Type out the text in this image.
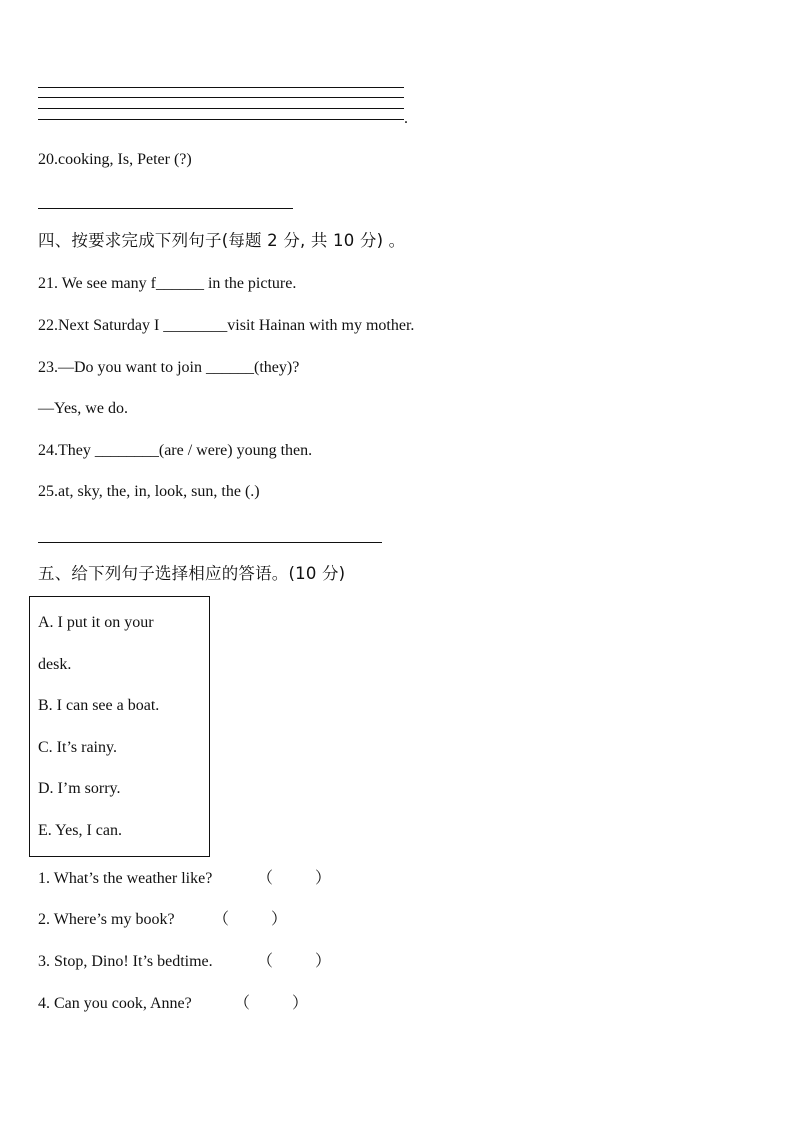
.
20.cooking, Is, Peter (?)
四、按要求完成下列句子(每题 2 分, 共 10 分) 。
21. We see many f______ in the picture.
22.Next Saturday I ________visit Hainan with my mother.
23.—Do you want to join ______(they)?
—Yes, we do.
24.They ________(are / were) young then.
25.at, sky, the, in, look, sun, the (.)
五、给下列句子选择相应的答语。(10 分)
A. I put it on your
desk.
B. I can see a boat.
C. It’s rainy.
D. I’m sorry.
E. Yes, I can.
1. What’s the weather like?	（	）
2. Where’s my book? （	）
3. Stop, Dino! It’s bedtime.	（	）
4. Can you cook, Anne?	（	）
